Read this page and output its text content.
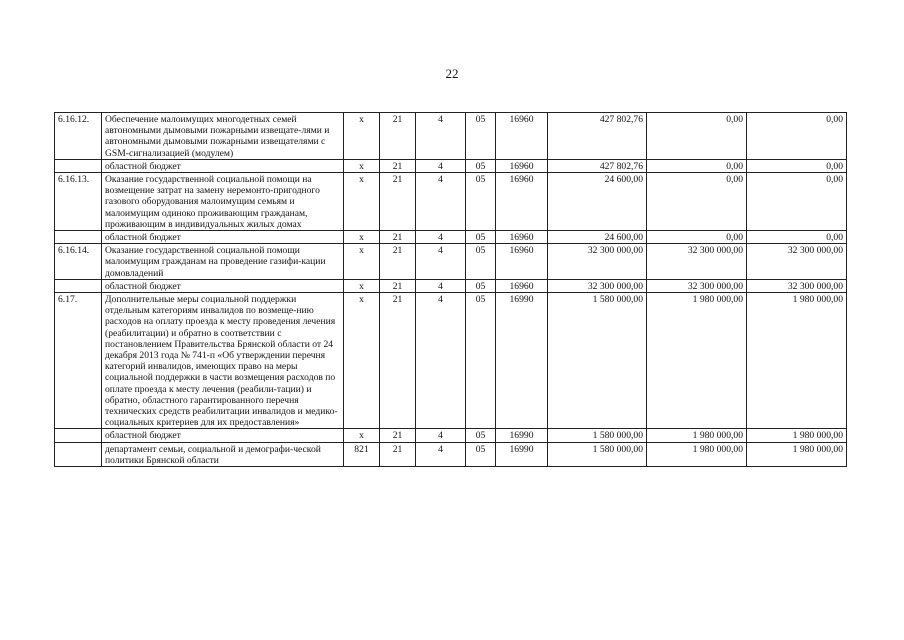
22
6.16.12.	Обеспечение малоимущих многодетных семей автономными дымовыми пожарными извещате-лями и автономными дымовыми пожарными извещателями с GSM-сигнализацией (модулем)	х	21	4	05	16960	427 802,76	0,00	0,00
	областной бюджет	х	21	4	05	16960	427 802,76	0,00	0,00
6.16.13.	Оказание государственной социальной помощи на возмещение затрат на замену неремонто-пригодного газового оборудования малоимущим семьям и малоимущим одиноко проживающим гражданам, проживающим в индивидуальных жилых домах	х	21	4	05	16960	24 600,00	0,00	0,00
	областной бюджет	х	21	4	05	16960	24 600,00	0,00	0,00
6.16.14.	Оказание государственной социальной помощи малоимущим гражданам на проведение газифи-кации домовладений	х	21	4	05	16960	32 300 000,00	32 300 000,00	32 300 000,00
	областной бюджет	х	21	4	05	16960	32 300 000,00	32 300 000,00	32 300 000,00
6.17.	Дополнительные меры социальной поддержки отдельным категориям инвалидов по возмеще-нию расходов на оплату проезда к месту проведения лечения (реабилитации) и обратно в соответствии с постановлением Правительства Брянской области от 24 декабря 2013 года № 741-п «Об утверждении перечня категорий инвалидов, имеющих право на меры социальной поддержки в части возмещения расходов по оплате проезда к месту лечения (реабили-тации) и обратно, областного гарантированного перечня технических средств реабилитации инвалидов и медико-социальных критериев для их предоставления»	х	21	4	05	16990	1 580 000,00	1 980 000,00	1 980 000,00
	областной бюджет	х	21	4	05	16990	1 580 000,00	1 980 000,00	1 980 000,00
	департамент семьи, социальной и демографи-ческой политики Брянской области	821	21	4	05	16990	1 580 000,00	1 980 000,00	1 980 000,00
